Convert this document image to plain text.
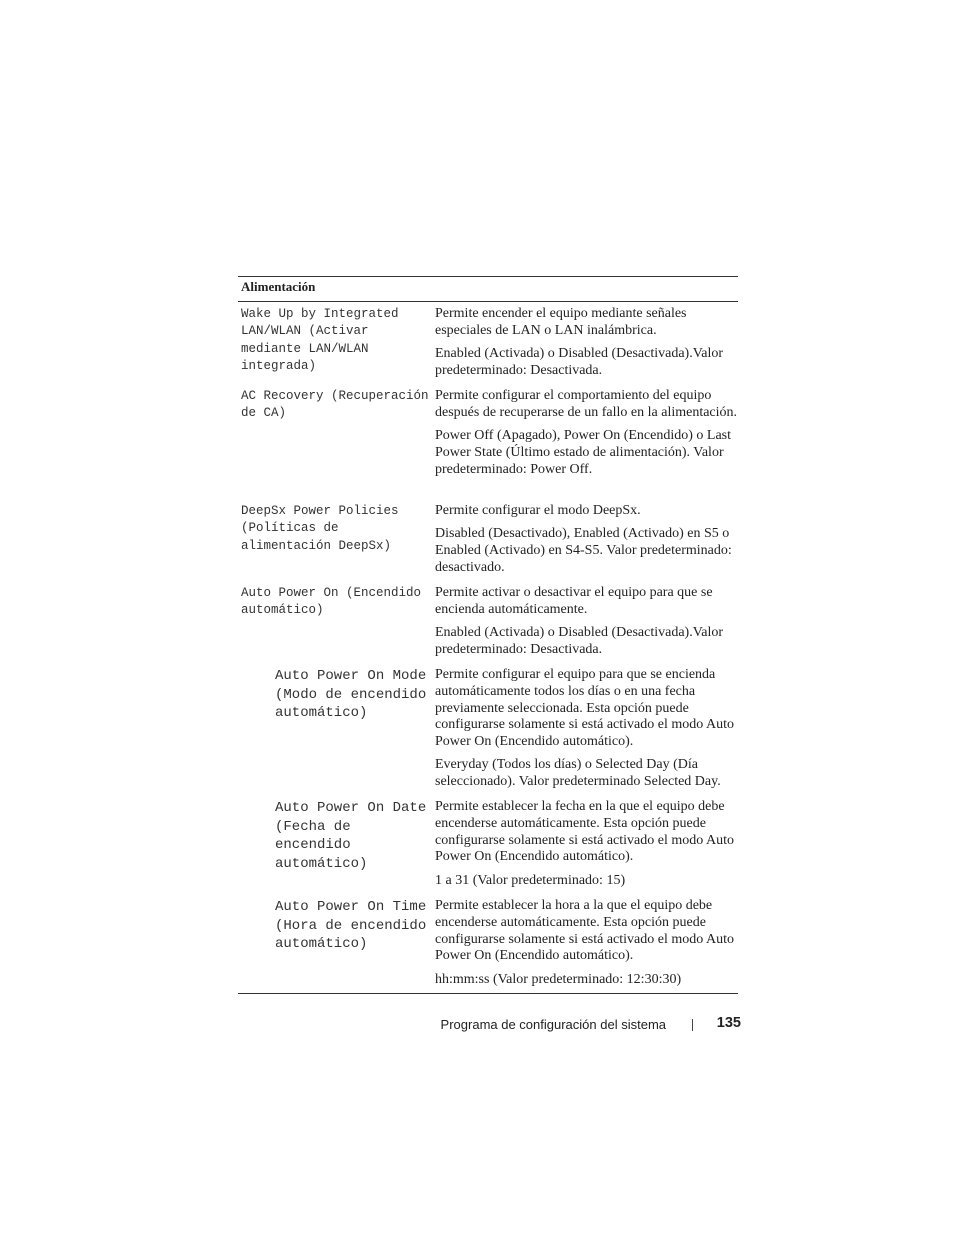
Alimentación
Wake Up by Integrated LAN/WLAN (Activar mediante LAN/WLAN integrada)

Permite encender el equipo mediante señales especiales de LAN o LAN inalámbrica.

Enabled (Activada) o Disabled (Desactivada).Valor predeterminado: Desactivada.

AC Recovery (Recuperación de CA)

Permite configurar el comportamiento del equipo después de recuperarse de un fallo en la alimentación.

Power Off (Apagado), Power On (Encendido) o Last Power State (Último estado de alimentación). Valor predeterminado: Power Off.

DeepSx Power Policies (Políticas de alimentación DeepSx)

Permite configurar el modo DeepSx.

Disabled (Desactivado), Enabled (Activado) en S5 o Enabled (Activado) en S4-S5. Valor predeterminado: desactivado.

Auto Power On (Encendido automático)

Permite activar o desactivar el equipo para que se encienda automáticamente.

Enabled (Activada) o Disabled (Desactivada).Valor predeterminado: Desactivada.

Auto Power On Mode (Modo de encendido automático)

Permite configurar el equipo para que se encienda automáticamente todos los días o en una fecha previamente seleccionada. Esta opción puede configurarse solamente si está activado el modo Auto Power On (Encendido automático).

Everyday (Todos los días) o Selected Day (Día seleccionado). Valor predeterminado Selected Day.

Auto Power On Date (Fecha de encendido automático)

Permite establecer la fecha en la que el equipo debe encenderse automáticamente. Esta opción puede configurarse solamente si está activado el modo Auto Power On (Encendido automático).

1 a 31 (Valor predeterminado: 15)

Auto Power On Time (Hora de encendido automático)

Permite establecer la hora a la que el equipo debe encenderse automáticamente. Esta opción puede configurarse solamente si está activado el modo Auto Power On (Encendido automático).

hh:mm:ss (Valor predeterminado: 12:30:30)

Programa de configuración del sistema	135
